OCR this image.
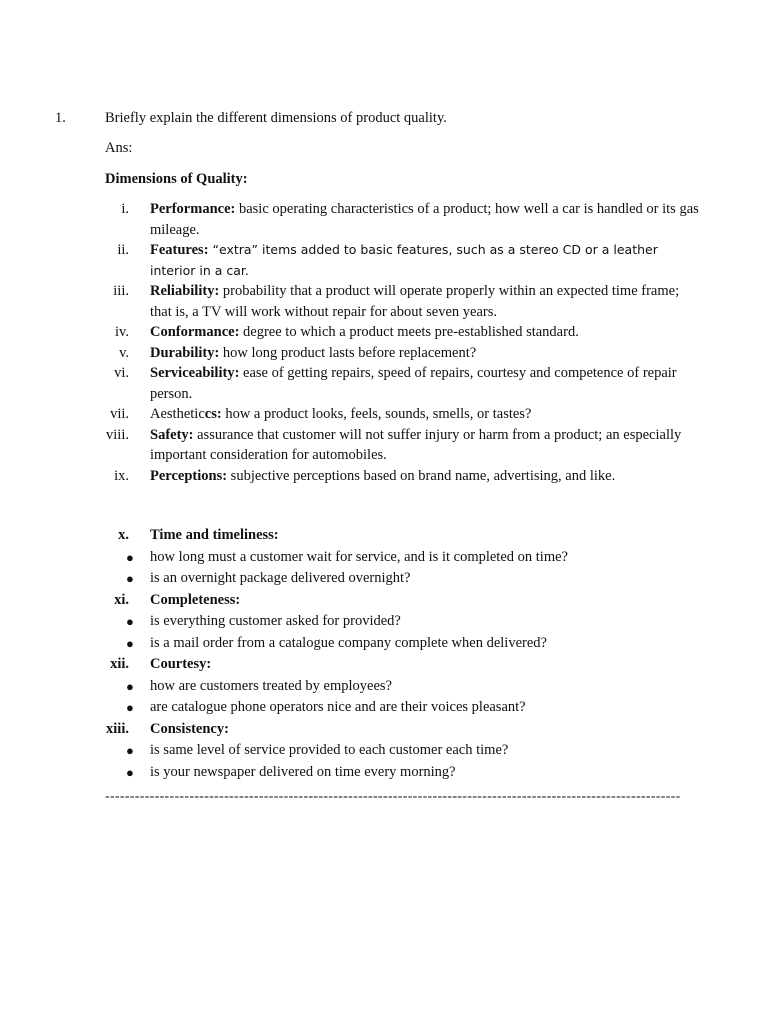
1.	Briefly explain the different dimensions of product quality.
Ans:
Dimensions of Quality:
i. Performance: basic operating characteristics of a product; how well a car is handled or its gas mileage.
ii. Features: “extra” items added to basic features, such as a stereo CD or a leather interior in a car.
iii. Reliability: probability that a product will operate properly within an expected time frame; that is, a TV will work without repair for about seven years.
iv. Conformance: degree to which a product meets pre-established standard.
v. Durability: how long product lasts before replacement?
vi. Serviceability: ease of getting repairs, speed of repairs, courtesy and competence of repair person.
vii. Aestheticcs: how a product looks, feels, sounds, smells, or tastes?
viii. Safety: assurance that customer will not suffer injury or harm from a product; an especially important consideration for automobiles.
ix. Perceptions: subjective perceptions based on brand name, advertising, and like.
x. Time and timeliness:
● how long must a customer wait for service, and is it completed on time?
● is an overnight package delivered overnight?
xi. Completeness:
● is everything customer asked for provided?
● is a mail order from a catalogue company complete when delivered?
xii. Courtesy:
● how are customers treated by employees?
● are catalogue phone operators nice and are their voices pleasant?
xiii. Consistency:
● is same level of service provided to each customer each time?
● is your newspaper delivered on time every morning?
--------------------------------------------------------------------------------------------------------------------
